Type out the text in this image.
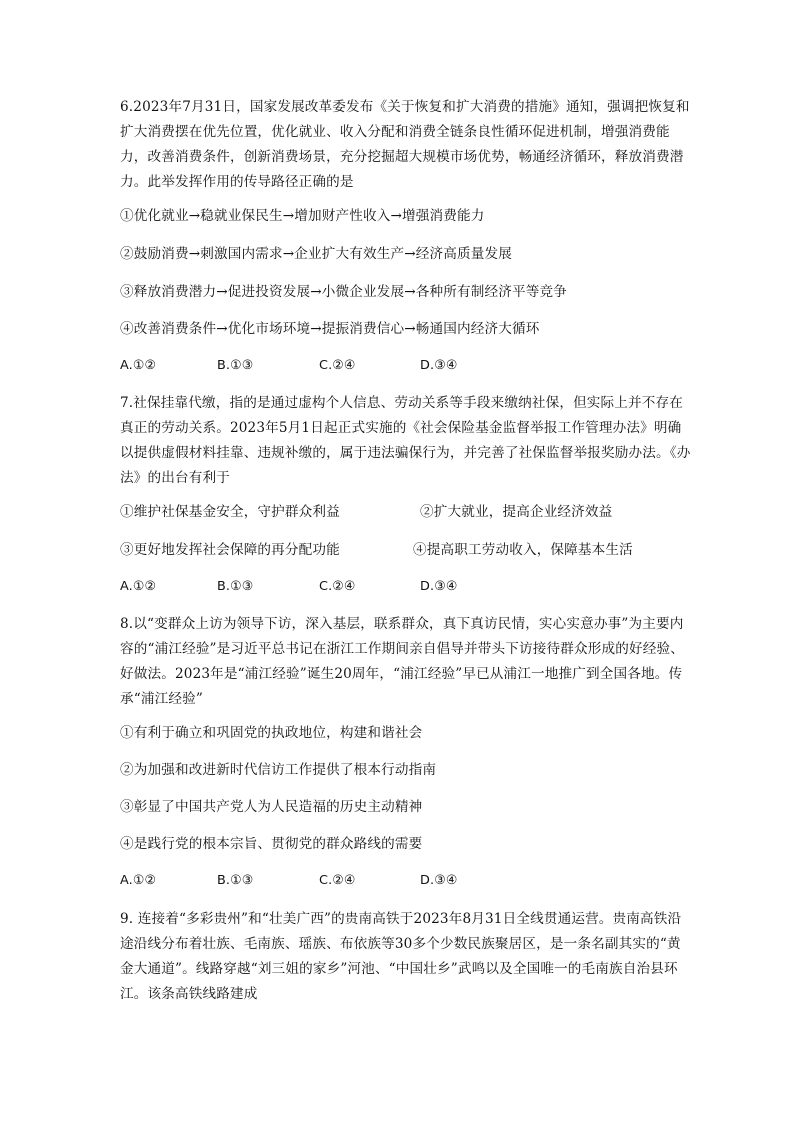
6.2023年7月31日，国家发展改革委发布《关于恢复和扩大消费的措施》通知，强调把恢复和扩大消费摆在优先位置，优化就业、收入分配和消费全链条良性循环促进机制，增强消费能力，改善消费条件，创新消费场景，充分挖掘超大规模市场优势，畅通经济循环，释放消费潜力。此举发挥作用的传导路径正确的是

①优化就业→稳就业保民生→增加财产性收入→增强消费能力
②鼓励消费→刺激国内需求→企业扩大有效生产→经济高质量发展
③释放消费潜力→促进投资发展→小微企业发展→各种所有制经济平等竞争
④改善消费条件→优化市场环境→提振消费信心→畅通国内经济大循环
A.①②	B.①③	C.②④	D.③④

7.社保挂靠代缴，指的是通过虚构个人信息、劳动关系等手段来缴纳社保，但实际上并不存在真正的劳动关系。2023年5月1日起正式实施的《社会保险基金监督举报工作管理办法》明确以提供虚假材料挂靠、违规补缴的，属于违法骗保行为，并完善了社保监督举报奖励办法。《办法》的出台有利于

①维护社保基金安全，守护群众利益	②扩大就业，提高企业经济效益
③更好地发挥社会保障的再分配功能	④提高职工劳动收入，保障基本生活
A.①②	B.①③	C.②④	D.③④

8.以“变群众上访为领导下访，深入基层，联系群众，真下真访民情，实心实意办事”为主要内容的“浦江经验”是习近平总书记在浙江工作期间亲自倡导并带头下访接待群众形成的好经验、好做法。2023年是“浦江经验”诞生20周年，“浦江经验”早已从浦江一地推广到全国各地。传承“浦江经验”

①有利于确立和巩固党的执政地位，构建和谐社会
②为加强和改进新时代信访工作提供了根本行动指南
③彰显了中国共产党人为人民造福的历史主动精神
④是践行党的根本宗旨、贯彻党的群众路线的需要
A.①②	B.①③	C.②④	D.③④

9. 连接着“多彩贵州”和“壮美广西”的贵南高铁于2023年8月31日全线贯通运营。贵南高铁沿途沿线分布着壮族、毛南族、瑶族、布依族等30多个少数民族聚居区，是一条名副其实的“黄金大通道”。线路穿越“刘三姐的家乡”河池、“中国壮乡”武鸣以及全国唯一的毛南族自治县环江。该条高铁线路建成
